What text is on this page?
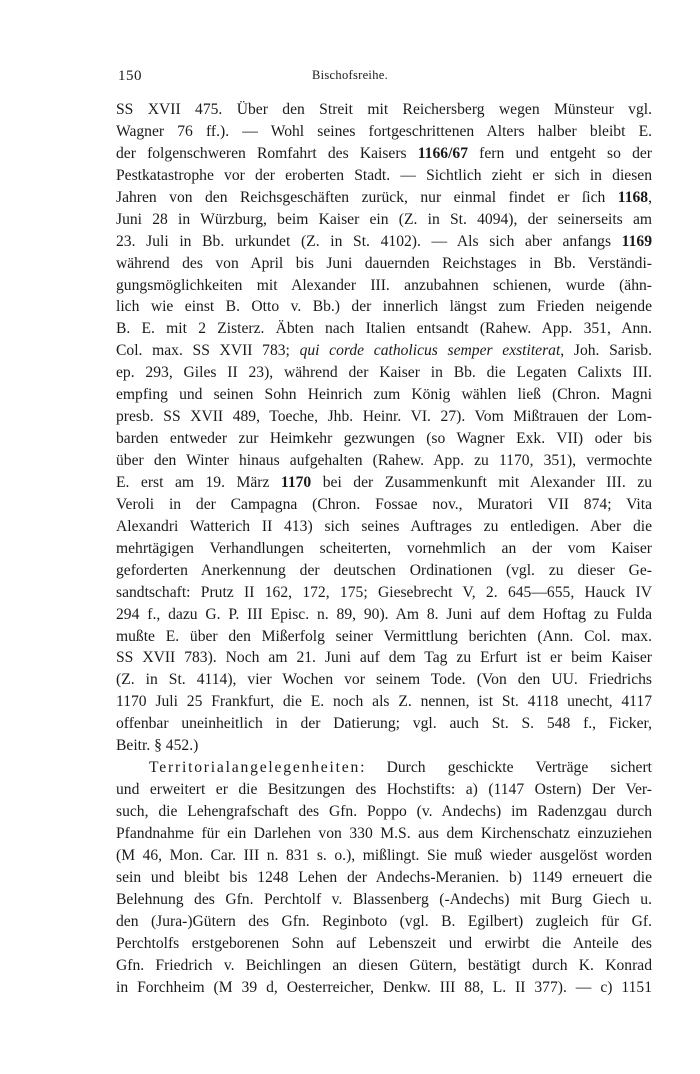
150	Bischofsreihe.
SS XVII 475. Über den Streit mit Reichersberg wegen Münsteur vgl.
Wagner 76 ff.). — Wohl seines fortgeschrittenen Alters halber bleibt E.
der folgenschweren Romfahrt des Kaisers 1166/67 fern und entgeht so der
Pestkatastrophe vor der eroberten Stadt. — Sichtlich zieht er sich in diesen
Jahren von den Reichsgeschäften zurück, nur einmal findet er ſich 1168,
Juni 28 in Würzburg, beim Kaiser ein (Z. in St. 4094), der seinerseits am
23. Juli in Bb. urkundet (Z. in St. 4102). — Als sich aber anfangs 1169
während des von April bis Juni dauernden Reichstages in Bb. Verständi-
gungsmöglichkeiten mit Alexander III. anzubahnen schienen, wurde (ähn-
lich wie einst B. Otto v. Bb.) der innerlich längst zum Frieden neigende
B. E. mit 2 Zisterz. Äbten nach Italien entsandt (Rahew. App. 351, Ann.
Col. max. SS XVII 783; qui corde catholicus semper exstiterat, Joh. Sarisb.
ep. 293, Giles II 23), während der Kaiser in Bb. die Legaten Calixts III.
empfing und seinen Sohn Heinrich zum König wählen ließ (Chron. Magni
presb. SS XVII 489, Toeche, Jhb. Heinr. VI. 27). Vom Mißtrauen der Lom-
barden entweder zur Heimkehr gezwungen (so Wagner Exk. VII) oder bis
über den Winter hinaus aufgehalten (Rahew. App. zu 1170, 351), vermochte
E. erst am 19. März 1170 bei der Zusammenkunft mit Alexander III. zu
Veroli in der Campagna (Chron. Fossae nov., Muratori VII 874; Vita
Alexandri Watterich II 413) sich seines Auftrages zu entledigen. Aber die
mehrtägigen Verhandlungen scheiterten, vornehmlich an der vom Kaiser
geforderten Anerkennung der deutschen Ordinationen (vgl. zu dieser Ge-
sandtschaft: Prutz II 162, 172, 175; Giesebrecht V, 2. 645—655, Hauck IV
294 f., dazu G. P. III Episc. n. 89, 90). Am 8. Juni auf dem Hoftag zu Fulda
mußte E. über den Mißerfolg seiner Vermittlung berichten (Ann. Col. max.
SS XVII 783). Noch am 21. Juni auf dem Tag zu Erfurt ist er beim Kaiser
(Z. in St. 4114), vier Wochen vor seinem Tode. (Von den UU. Friedrichs
1170 Juli 25 Frankfurt, die E. noch als Z. nennen, ist St. 4118 unecht, 4117
offenbar uneinheitlich in der Datierung; vgl. auch St. S. 548 f., Ficker,
Beitr. § 452.)
Territorialangelegenheiten: Durch geschickte Verträge sichert
und erweitert er die Besitzungen des Hochstifts: a) (1147 Ostern) Der Ver-
such, die Lehengrafschaft des Gfn. Poppo (v. Andechs) im Radenzgau durch
Pfandnahme für ein Darlehen von 330 M.S. aus dem Kirchenschatz einzuziehen
(M 46, Mon. Car. III n. 831 s. o.), mißlingt. Sie muß wieder ausgelöst worden
sein und bleibt bis 1248 Lehen der Andechs-Meranien. b) 1149 erneuert die
Belehnung des Gfn. Perchtolf v. Blassenberg (-Andechs) mit Burg Giech u.
den (Jura-)Gütern des Gfn. Reginboto (vgl. B. Egilbert) zugleich für Gf.
Perchtolfs erstgeborenen Sohn auf Lebenszeit und erwirbt die Anteile des
Gfn. Friedrich v. Beichlingen an diesen Gütern, bestätigt durch K. Konrad
in Forchheim (M 39 d, Oesterreicher, Denkw. III 88, L. II 377). — c) 1151
